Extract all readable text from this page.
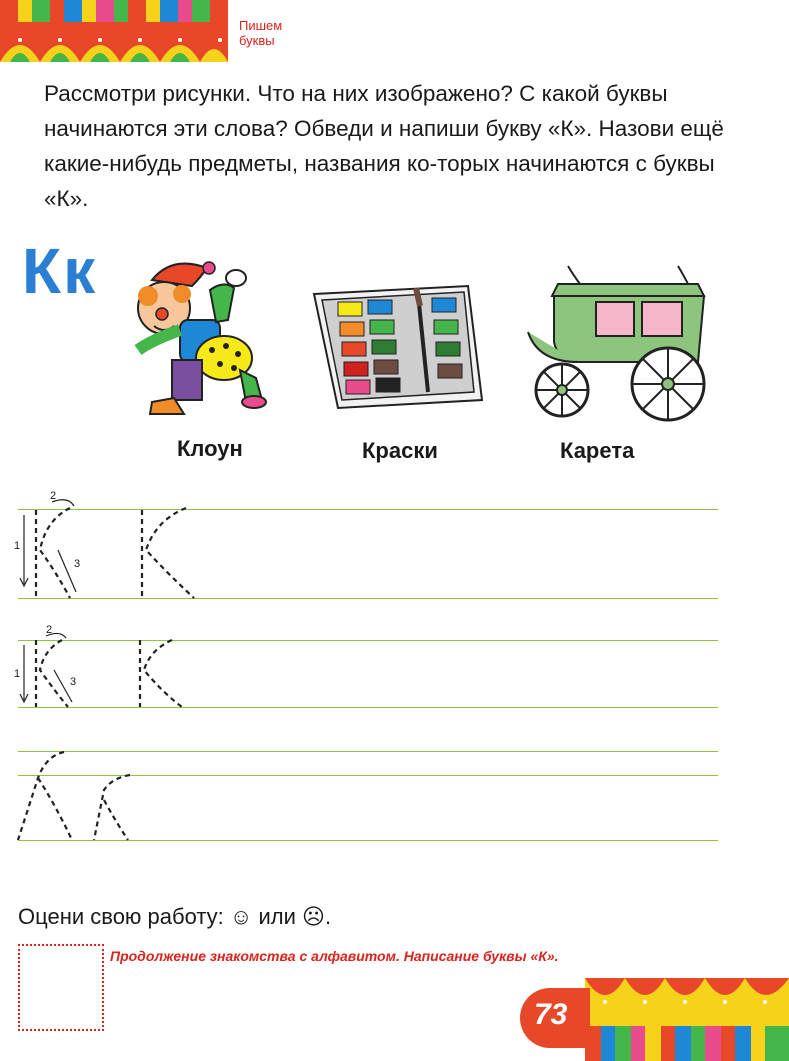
Пишем буквы
Рассмотри рисунки. Что на них изображено? С какой буквы начинаются эти слова? Обведи и напиши букву «К». Назови ещё какие-нибудь предметы, названия ко-торых начинаются с буквы «К».
Кк
Клоун	Краски	Карета
2
1
3
2
1
3
Оцени свою работу: ☺ или ☹.
Продолжение знакомства с алфавитом. Написание буквы «К».
73
